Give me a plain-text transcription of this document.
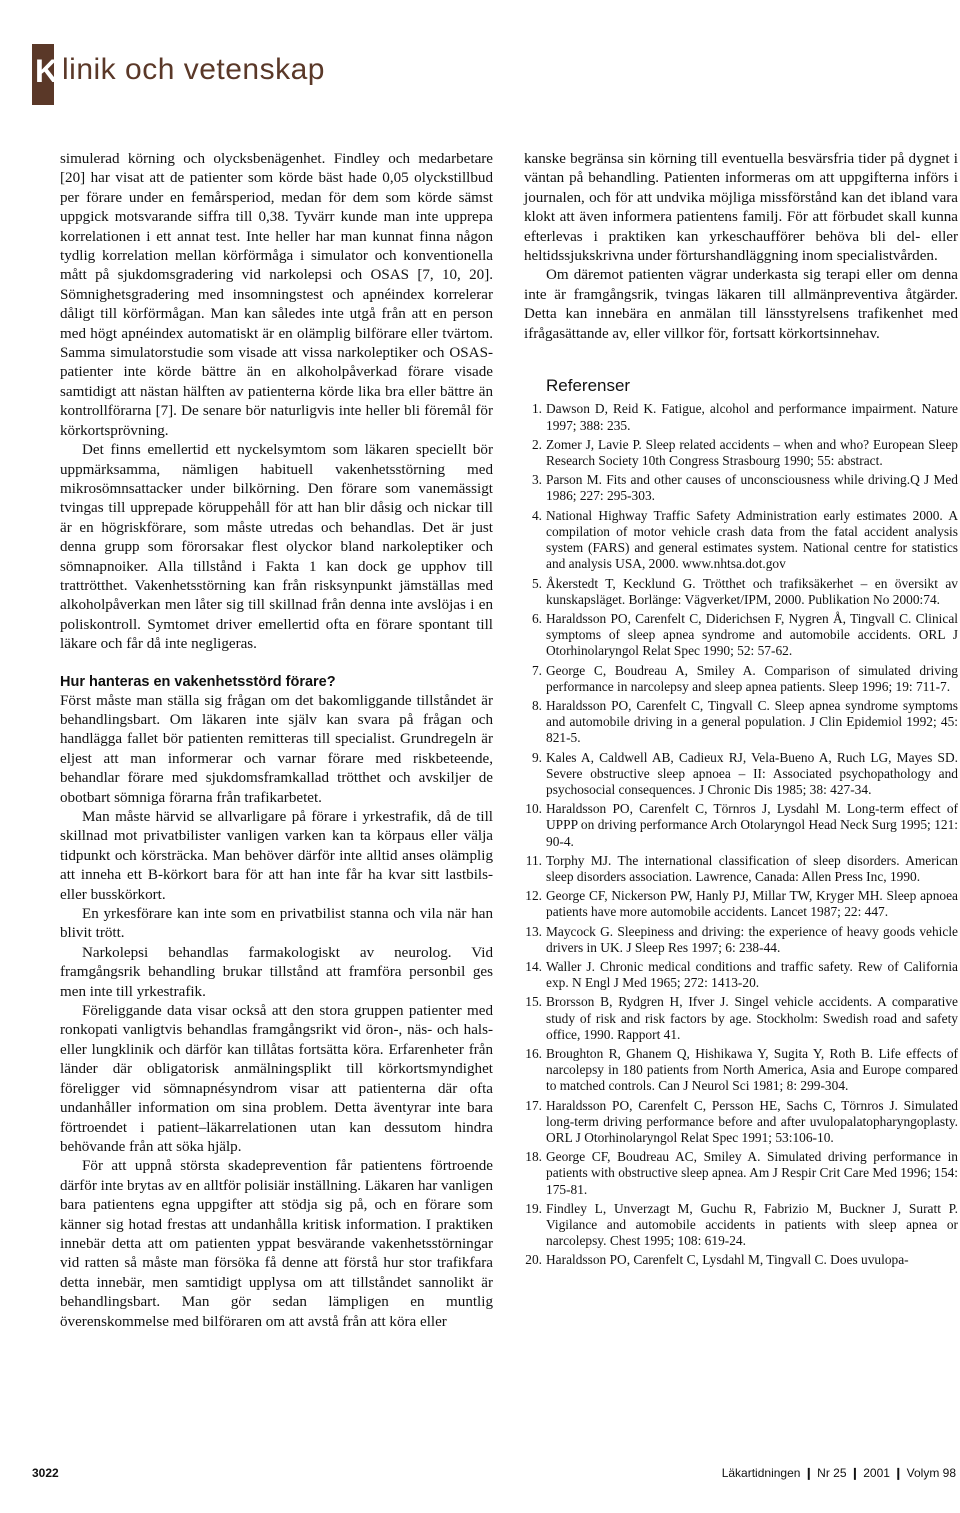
K linik och vetenskap

simulerad körning och olycksbenägenhet. Findley och medarbetare [20] har visat att de patienter som körde bäst hade 0,05 olyckstillbud per förare under en femårsperiod, medan för dem som körde sämst uppgick motsvarande siffra till 0,38. Tyvärr kunde man inte upprepa korrelationen i ett annat test. Inte heller har man kunnat finna någon tydlig korrelation mellan körförmåga i simulator och konventionella mått på sjukdomsgradering vid narkolepsi och OSAS [7, 10, 20]. Sömnighetsgradering med insomningstest och apnéindex korrelerar dåligt till körförmågan. Man kan således inte utgå från att en person med högt apnéindex automatiskt är en olämplig bilförare eller tvärtom. Samma simulatorstudie som visade att vissa narkoleptiker och OSAS-patienter inte körde bättre än en alkoholpåverkad förare visade samtidigt att nästan hälften av patienterna körde lika bra eller bättre än kontrollförarna [7]. De senare bör naturligvis inte heller bli föremål för körkortsprövning.

Det finns emellertid ett nyckelsymtom som läkaren speciellt bör uppmärksamma, nämligen habituell vakenhetsstörning med mikrosömnsattacker under bilkörning. Den förare som vanemässigt tvingas till upprepade köruppehåll för att han blir dåsig och nickar till är en högriskförare, som måste utredas och behandlas. Det är just denna grupp som förorsakar flest olyckor bland narkoleptiker och sömnapnoiker. Alla tillstånd i Fakta 1 kan dock ge upphov till trattrötthet. Vakenhetsstörning kan från risksynpunkt jämställas med alkoholpåverkan men låter sig till skillnad från denna inte avslöjas i en poliskontroll. Symtomet driver emellertid ofta en förare spontant till läkare och får då inte negligeras.

Hur hanteras en vakenhetsstörd förare?

Först måste man ställa sig frågan om det bakomliggande tillståndet är behandlingsbart. Om läkaren inte själv kan svara på frågan och handlägga fallet bör patienten remitteras till specialist. Grundregeln är eljest att man informerar och varnar förare med riskbeteende, behandlar förare med sjukdomsframkallad trötthet och avskiljer de obotbart sömniga förarna från trafikarbetet.

Man måste härvid se allvarligare på förare i yrkestrafik, då de till skillnad mot privatbilister vanligen varken kan ta körpaus eller välja tidpunkt och körsträcka. Man behöver därför inte alltid anses olämplig att inneha ett B-körkort bara för att han inte får ha kvar sitt lastbils- eller busskörkort.

En yrkesförare kan inte som en privatbilist stanna och vila när han blivit trött.

Narkolepsi behandlas farmakologiskt av neurolog. Vid framgångsrik behandling brukar tillstånd att framföra personbil ges men inte till yrkestrafik.

Föreliggande data visar också att den stora gruppen patienter med ronkopati vanligtvis behandlas framgångsrikt vid öron-, näs- och hals- eller lungklinik och därför kan tillåtas fortsätta köra. Erfarenheter från länder där obligatorisk anmälningsplikt till körkortsmyndighet föreligger vid sömnapnésyndrom visar att patienterna där ofta undanhåller information om sina problem. Detta äventyrar inte bara förtroendet i patient–läkarrelationen utan kan dessutom hindra behövande från att söka hjälp.

För att uppnå största skadeprevention får patientens förtroende därför inte brytas av en alltför polisiär inställning. Läkaren har vanligen bara patientens egna uppgifter att stödja sig på, och en förare som känner sig hotad frestas att undanhålla kritisk information. I praktiken innebär detta att om patienten yppat besvärande vakenhetsstörningar vid ratten så måste man försöka få denne att förstå hur stor trafikfara detta innebär, men samtidigt upplysa om att tillståndet sannolikt är behandlingsbart. Man gör sedan lämpligen en muntlig överenskommelse med bilföraren om att avstå från att köra eller

kanske begränsa sin körning till eventuella besvärsfria tider på dygnet i väntan på behandling. Patienten informeras om att uppgifterna införs i journalen, och för att undvika möjliga missförstånd kan det ibland vara klokt att även informera patientens familj. För att förbudet skall kunna efterlevas i praktiken kan yrkeschaufförer behöva bli del- eller heltidssjukskrivna under förturshandläggning inom specialistvården.

Om däremot patienten vägrar underkasta sig terapi eller om denna inte är framgångsrik, tvingas läkaren till allmänpreventiva åtgärder. Detta kan innebära en anmälan till länsstyrelsens trafikenhet med ifrågasättande av, eller villkor för, fortsatt körkortsinnehav.

Referenser
1. Dawson D, Reid K. Fatigue, alcohol and performance impairment. Nature 1997; 388: 235.
2. Zomer J, Lavie P. Sleep related accidents – when and who? European Sleep Research Society 10th Congress Strasbourg 1990; 55: abstract.
3. Parson M. Fits and other causes of unconsciousness while driving.Q J Med 1986; 227: 295-303.
4. National Highway Traffic Safety Administration early estimates 2000. A compilation of motor vehicle crash data from the fatal accident analysis system (FARS) and general estimates system. National centre for statistics and analysis USA, 2000. www.nhtsa.dot.gov
5. Åkerstedt T, Kecklund G. Trötthet och trafiksäkerhet – en översikt av kunskapsläget. Borlänge: Vägverket/IPM, 2000. Publikation No 2000:74.
6. Haraldsson PO, Carenfelt C, Diderichsen F, Nygren Å, Tingvall C. Clinical symptoms of sleep apnea syndrome and automobile accidents. ORL J Otorhinolaryngol Relat Spec 1990; 52: 57-62.
7. George C, Boudreau A, Smiley A. Comparison of simulated driving performance in narcolepsy and sleep apnea patients. Sleep 1996; 19: 711-7.
8. Haraldsson PO, Carenfelt C, Tingvall C. Sleep apnea syndrome symptoms and automobile driving in a general population. J Clin Epidemiol 1992; 45: 821-5.
9. Kales A, Caldwell AB, Cadieux RJ, Vela-Bueno A, Ruch LG, Mayes SD. Severe obstructive sleep apnoea – II: Associated psychopathology and psychosocial consequences. J Chronic Dis 1985; 38: 427-34.
10. Haraldsson PO, Carenfelt C, Törnros J, Lysdahl M. Long-term effect of UPPP on driving performance Arch Otolaryngol Head Neck Surg 1995; 121: 90-4.
11. Torphy MJ. The international classification of sleep disorders. American sleep disorders association. Lawrence, Canada: Allen Press Inc, 1990.
12. George CF, Nickerson PW, Hanly PJ, Millar TW, Kryger MH. Sleep apnoea patients have more automobile accidents. Lancet 1987; 22: 447.
13. Maycock G. Sleepiness and driving: the experience of heavy goods vehicle drivers in UK. J Sleep Res 1997; 6: 238-44.
14. Waller J. Chronic medical conditions and traffic safety. Rew of California exp. N Engl J Med 1965; 272: 1413-20.
15. Brorsson B, Rydgren H, Ifver J. Singel vehicle accidents. A comparative study of risk and risk factors by age. Stockholm: Swedish road and safety office, 1990. Rapport 41.
16. Broughton R, Ghanem Q, Hishikawa Y, Sugita Y, Roth B. Life effects of narcolepsy in 180 patients from North America, Asia and Europe compared to matched controls. Can J Neurol Sci 1981; 8: 299-304.
17. Haraldsson PO, Carenfelt C, Persson HE, Sachs C, Törnros J. Simulated long-term driving performance before and after uvulopalatopharyngoplasty. ORL J Otorhinolaryngol Relat Spec 1991; 53:106-10.
18. George CF, Boudreau AC, Smiley A. Simulated driving performance in patients with obstructive sleep apnea. Am J Respir Crit Care Med 1996; 154: 175-81.
19. Findley L, Unverzagt M, Guchu R, Fabrizio M, Buckner J, Suratt P. Vigilance and automobile accidents in patients with sleep apnea or narcolepsy. Chest 1995; 108: 619-24.
20. Haraldsson PO, Carenfelt C, Lysdahl M, Tingvall C. Does uvulopa-
3022	Läkartidningen ❙ Nr 25 ❙ 2001 ❙ Volym 98
